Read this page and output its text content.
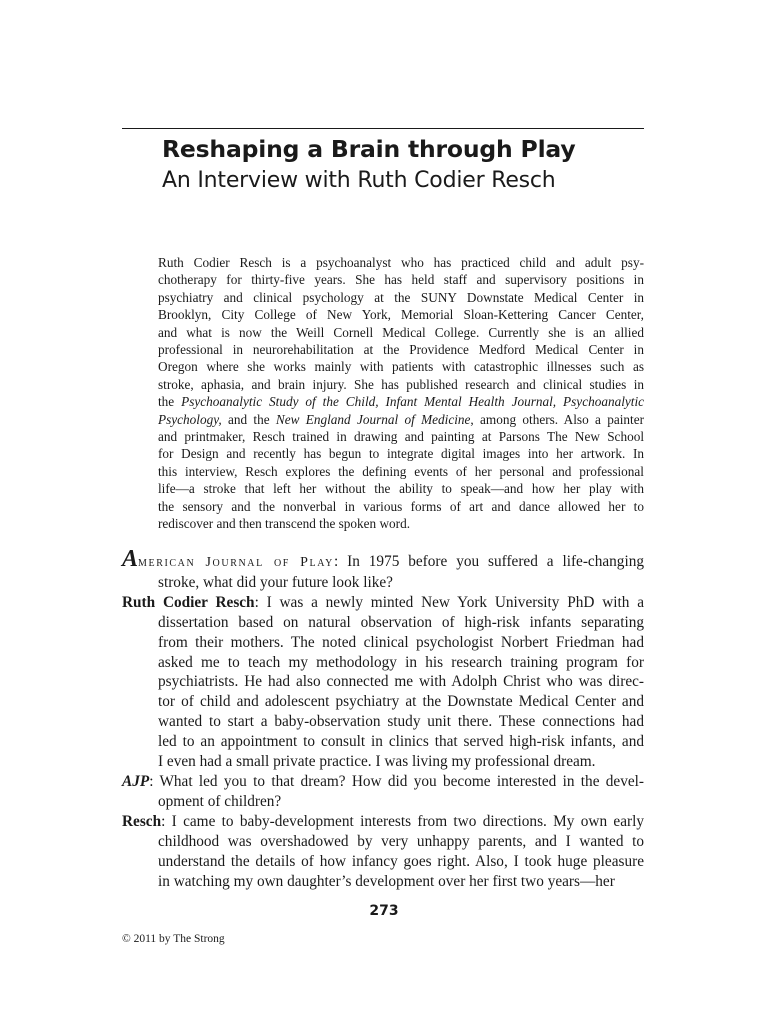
Reshaping a Brain through Play
An Interview with Ruth Codier Resch
Ruth Codier Resch is a psychoanalyst who has practiced child and adult psy-
chotherapy for thirty-five years. She has held staff and supervisory positions in
psychiatry and clinical psychology at the SUNY Downstate Medical Center in
Brooklyn, City College of New York, Memorial Sloan-Kettering Cancer Center,
and what is now the Weill Cornell Medical College. Currently she is an allied
professional in neurorehabilitation at the Providence Medford Medical Center in
Oregon where she works mainly with patients with catastrophic illnesses such as
stroke, aphasia, and brain injury. She has published research and clinical studies in
the Psychoanalytic Study of the Child, Infant Mental Health Journal, Psychoanalytic
Psychology, and the New England Journal of Medicine, among others. Also a painter
and printmaker, Resch trained in drawing and painting at Parsons The New School
for Design and recently has begun to integrate digital images into her artwork. In
this interview, Resch explores the defining events of her personal and professional
life—a stroke that left her without the ability to speak—and how her play with
the sensory and the nonverbal in various forms of art and dance allowed her to
rediscover and then transcend the spoken word.

American Journal of Play: In 1975 before you suffered a life-changing
stroke, what did your future look like?

Ruth Codier Resch: I was a newly minted New York University PhD with a
dissertation based on natural observation of high-risk infants separating
from their mothers. The noted clinical psychologist Norbert Friedman had
asked me to teach my methodology in his research training program for
psychiatrists. He had also connected me with Adolph Christ who was direc-
tor of child and adolescent psychiatry at the Downstate Medical Center and
wanted to start a baby-observation study unit there. These connections had
led to an appointment to consult in clinics that served high-risk infants, and
I even had a small private practice. I was living my professional dream.

AJP: What led you to that dream? How did you become interested in the devel-
opment of children?

Resch: I came to baby-development interests from two directions. My own early
childhood was overshadowed by very unhappy parents, and I wanted to
understand the details of how infancy goes right. Also, I took huge pleasure
in watching my own daughter’s development over her first two years—her

273
© 2011 by The Strong
